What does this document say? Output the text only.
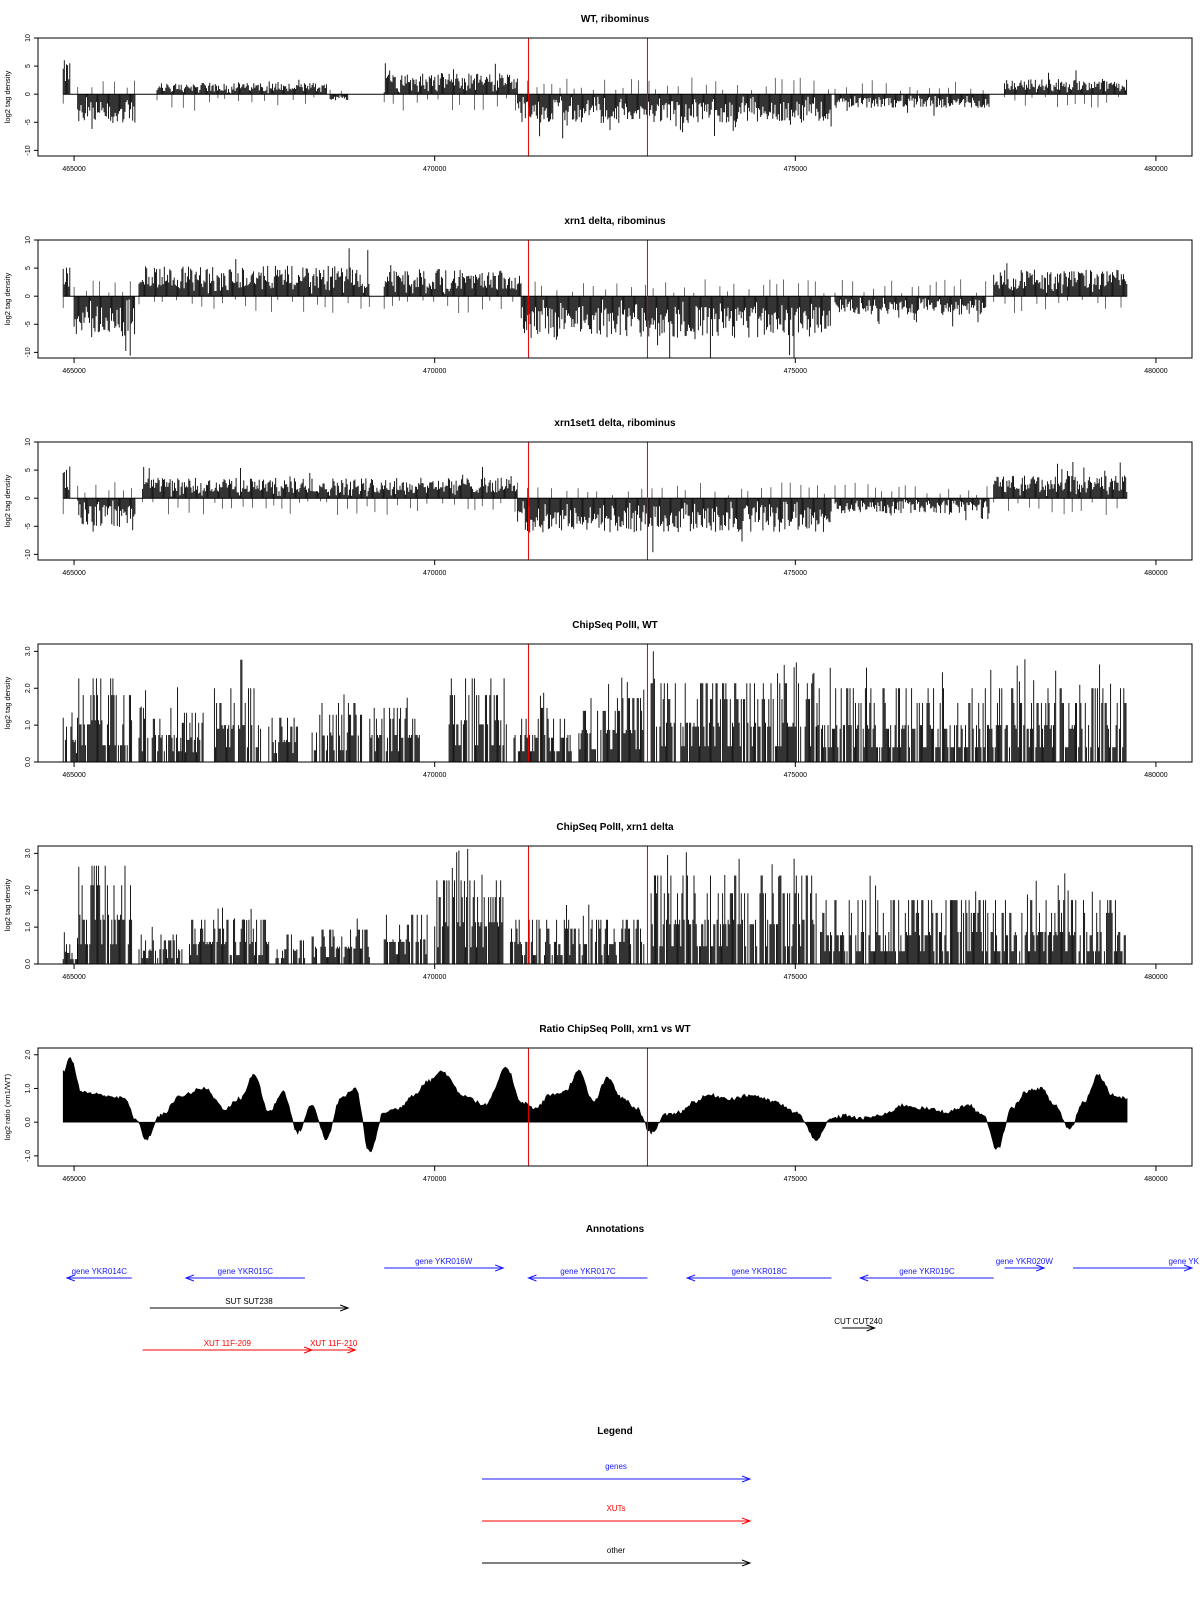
WT, ribominus
465000	470000	475000	480000
-10
-5
0
5
10
log2 tag density
xrn1 delta, ribominus
465000	470000	475000	480000
-10
-5
0
5
10
log2 tag density
xrn1set1 delta, ribominus
465000	470000	475000	480000
-10
-5
0
5
10
log2 tag density
ChipSeq PolII, WT
465000	470000	475000	480000
0.0
1.0
2.0
3.0
log2 tag density
ChipSeq PolII, xrn1 delta
465000	470000	475000	480000
0.0
1.0
2.0
3.0
log2 tag density
Ratio ChipSeq PolII, xrn1 vs WT
465000	470000	475000	480000
-1.0
0.0
1.0
2.0
log2 ratio (xrn1/WT)
Annotations
gene YKR014C	gene YKR015C
gene YKR016W
gene YKR017C	gene YKR018C	gene YKR019C
gene YKR020W	gene YK
SUT SUT238
CUT CUT240
XUT 11F-209	XUT 11F-210
Legend
genes
XUTs
other
